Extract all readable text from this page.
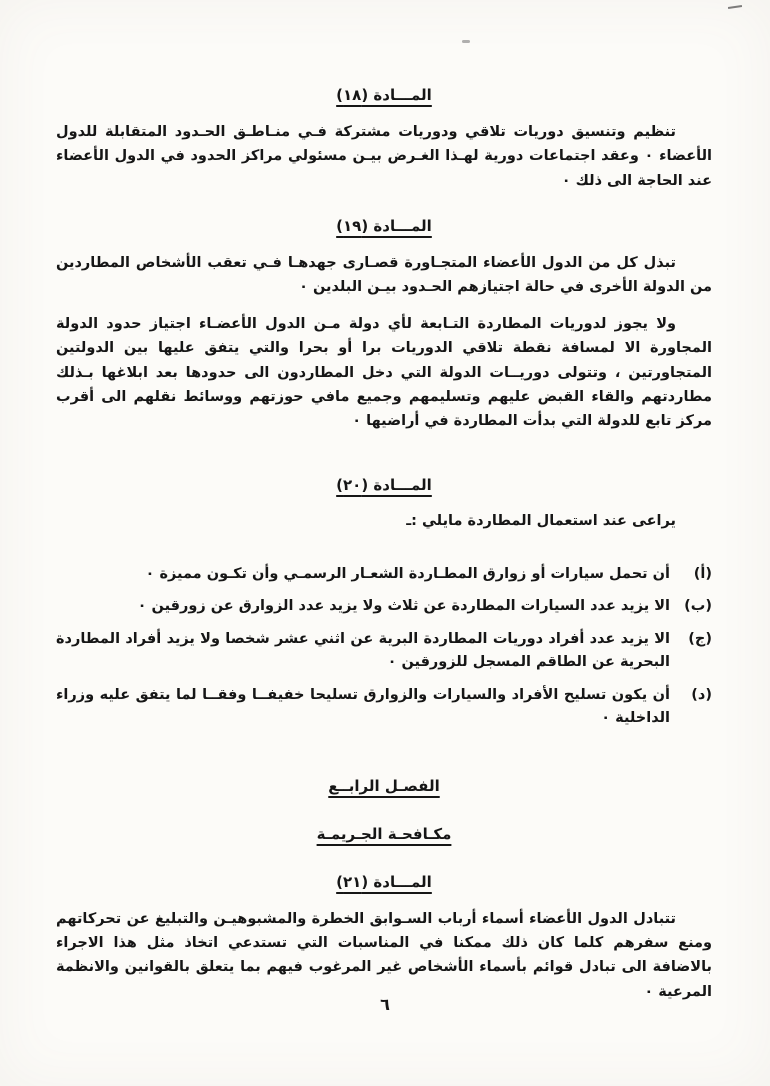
المـــادة (١٨)

تنظيم وتنسيق دوريات تلاقي ودوريات مشتركة فـي منـاطـق الحـدود المتقابلة للدول الأعضاء ٠ وعقد اجتماعات دورية لهـذا الغـرض بيـن مسئولي مراكز الحدود في الدول الأعضاء عند الحاجة الى ذلك ٠

المـــادة (١٩)

تبذل كل من الدول الأعضاء المتجـاورة قصـارى جهدهـا فـي تعقب الأشخاص المطاردين من الدولة الأخرى في حالة اجتيازهم الحـدود بيـن البلدين ٠

ولا يجوز لدوريات المطاردة التـابعة لأي دولة مـن الدول الأعضـاء اجتياز حدود الدولة المجاورة الا لمسافة نقطة تلاقي الدوريات برا أو بحرا والتي يتفق عليها بين الدولتين المتجاورتين ، وتتولى دوريــات الدولة التي دخل المطاردون الى حدودها بعد ابلاغها بـذلك مطاردتهم والقاء القبض عليهم وتسليمهم وجميع مافي حوزتهم ووسائط نقلهم الى أقرب مركز تابع للدولة التي بدأت المطاردة في أراضيها ٠

المـــادة (٢٠)

يراعى عند استعمال المطاردة مايلي :ـ

(أ)
أن تحمل سيارات أو زوارق المطـاردة الشعـار الرسمـي وأن تكـون مميزة ٠
(ب)
الا يزيد عدد السيارات المطاردة عن ثلاث ولا يزيد عدد الزوارق عن زورقين ٠
(ج)
الا يزيد عدد أفراد دوريات المطاردة البرية عن اثني عشر شخصا ولا يزيد أفراد المطاردة البحرية عن الطاقم المسجل للزورقين ٠
(د)
أن يكون تسليح الأفراد والسيارات والزوارق تسليحا خفيفــا وفقــا لما يتفق عليه وزراء الداخلية ٠
الفصـل الرابــع
مكـافحـة الجـريمـة
المـــادة (٢١)

تتبادل الدول الأعضاء أسماء أرباب السـوابق الخطرة والمشبوهيـن والتبليغ عن تحركاتهم ومنع سفرهم كلما كان ذلك ممكنا في المناسبات التي تستدعي اتخاذ مثل هذا الاجراء بالاضافة الى تبادل قوائم بأسماء الأشخاص غير المرغوب فيهم بما يتعلق بالقوانين والانظمة المرعية ٠

٦
